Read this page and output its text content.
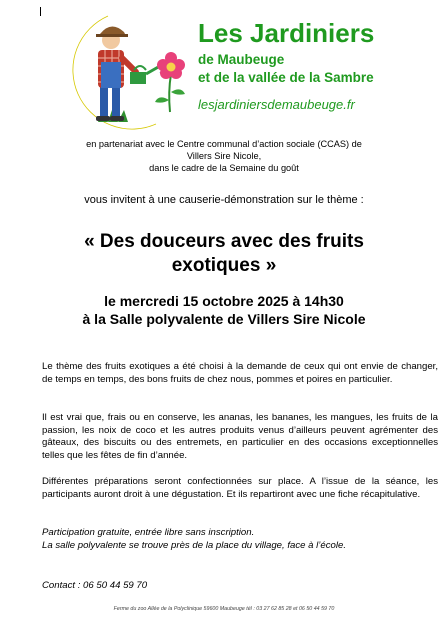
Les Jardiniers
de Maubeuge
et de la vallée de la Sambre
lesjardiniersdemaubeuge.fr
en partenariat avec le Centre communal d’action sociale (CCAS) de
Villers Sire Nicole,
dans le cadre de la Semaine du goût
vous invitent à une causerie-démonstration sur le thème :
« Des douceurs avec des fruits
exotiques »
le mercredi 15 octobre 2025 à 14h30
à la Salle polyvalente de Villers Sire Nicole
Le thème des fruits exotiques a été choisi à la demande de ceux qui ont envie de changer, de temps en temps, des bons fruits de chez nous, pommes et poires en particulier.
Il est vrai que, frais ou en conserve, les ananas, les bananes, les mangues, les fruits de la passion, les noix de coco et les autres produits venus d’ailleurs peuvent agrémenter des gâteaux, des biscuits ou des entremets, en particulier en des occasions exceptionnelles telles que les fêtes de fin d’année.
Différentes préparations seront confectionnées sur place. A l’issue de la séance, les participants auront droit à une dégustation. Et ils repartiront avec une fiche récapitulative.
Participation gratuite, entrée libre sans inscription.
La salle polyvalente se trouve près de la place du village, face à l’école.
Contact : 06 50 44 59 70
Ferme du zoo Allée de la Polyclinique 59600 Maubeuge tél : 03 27 62 85 28 et 06 50 44 59 70
